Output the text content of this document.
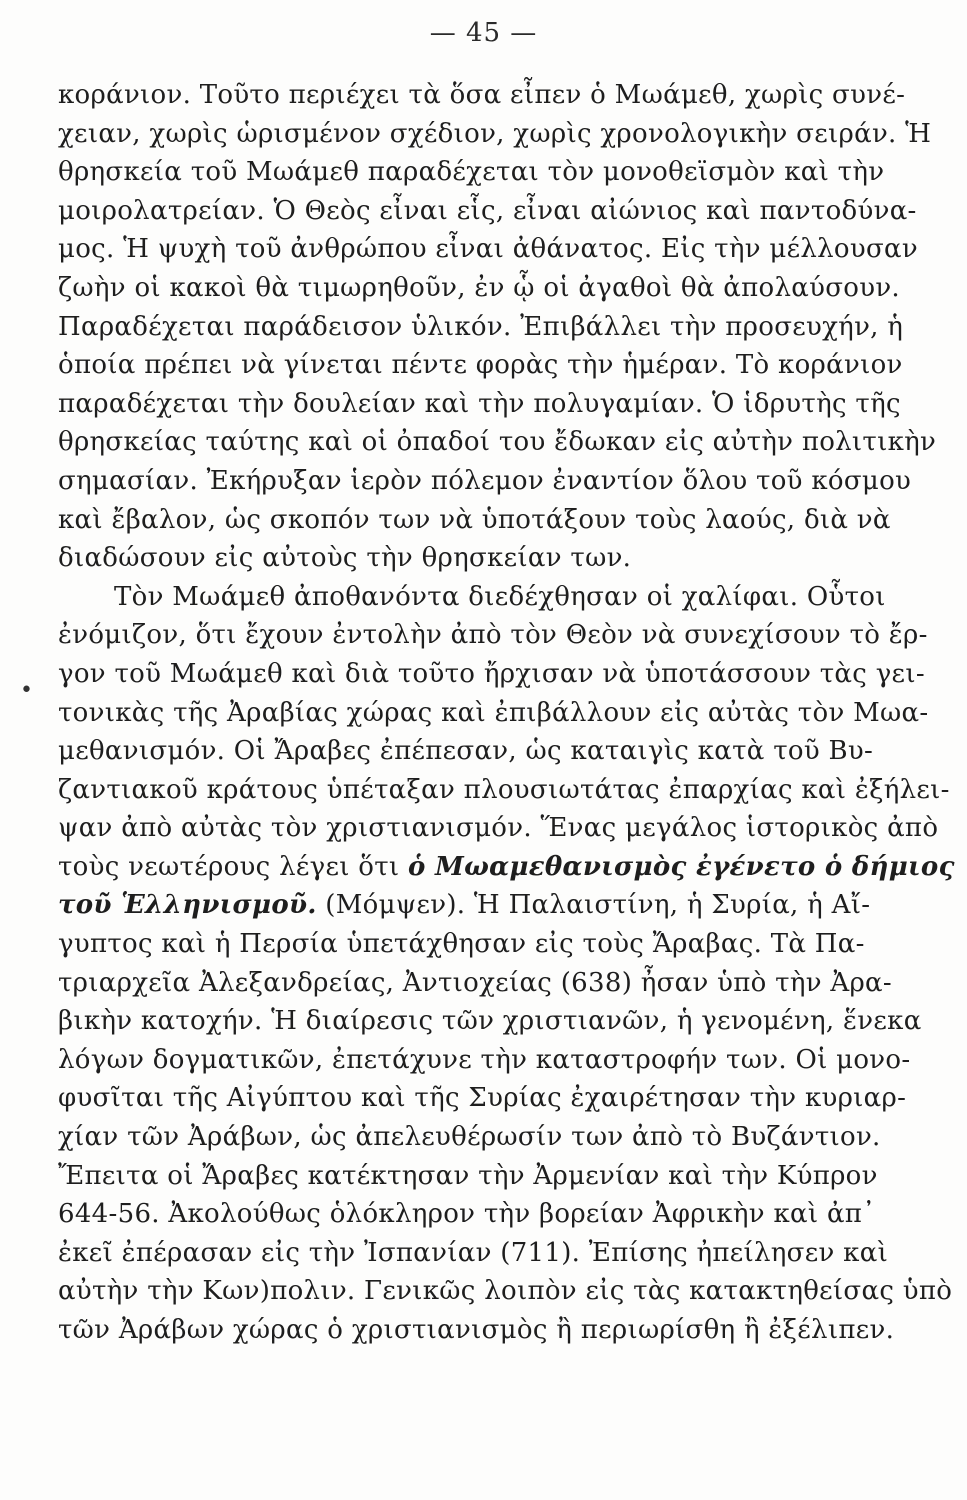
— 45 —
•
κοράνιον. Τοῦτο περιέχει τὰ ὅσα εἶπεν ὁ Μωάμεθ, χωρὶς συνέ-
χειαν, χωρὶς ὡρισμένον σχέδιον, χωρὶς χρονολογικὴν σειράν. Ἡ
θρησκεία τοῦ Μωάμεθ παραδέχεται τὸν μονοθεϊσμὸν καὶ τὴν
μοιρολατρείαν. Ὁ Θεὸς εἶναι εἷς, εἶναι αἰώνιος καὶ παντοδύνα-
μος. Ἡ ψυχὴ τοῦ ἀνθρώπου εἶναι ἀθάνατος. Εἰς τὴν μέλλουσαν
ζωὴν οἱ κακοὶ θὰ τιμωρηθοῦν, ἐν ᾧ οἱ ἀγαθοὶ θὰ ἀπολαύσουν.
Παραδέχεται παράδεισον ὑλικόν. Ἐπιβάλλει τὴν προσευχήν, ἡ
ὁποία πρέπει νὰ γίνεται πέντε φορὰς τὴν ἡμέραν. Τὸ κοράνιον
παραδέχεται τὴν δουλείαν καὶ τὴν πολυγαμίαν. Ὁ ἱδρυτὴς τῆς
θρησκείας ταύτης καὶ οἱ ὀπαδοί του ἔδωκαν εἰς αὐτὴν πολιτικὴν
σημασίαν. Ἐκήρυξαν ἱερὸν πόλεμον ἐναντίον ὅλου τοῦ κόσμου
καὶ ἔβαλον, ὡς σκοπόν των νὰ ὑποτάξουν τοὺς λαούς, διὰ νὰ
διαδώσουν εἰς αὐτοὺς τὴν θρησκείαν των.
Τὸν Μωάμεθ ἀποθανόντα διεδέχθησαν οἱ χαλίφαι. Οὗτοι
ἐνόμιζον, ὅτι ἔχουν ἐντολὴν ἀπὸ τὸν Θεὸν νὰ συνεχίσουν τὸ ἔρ-
γον τοῦ Μωάμεθ καὶ διὰ τοῦτο ἤρχισαν νὰ ὑποτάσσουν τὰς γει-
τονικὰς τῆς Ἀραβίας χώρας καὶ ἐπιβάλλουν εἰς αὐτὰς τὸν Μωα-
μεθανισμόν. Οἱ Ἄραβες ἐπέπεσαν, ὡς καταιγὶς κατὰ τοῦ Βυ-
ζαντιακοῦ κράτους ὑπέταξαν πλουσιωτάτας ἐπαρχίας καὶ ἐξήλει-
ψαν ἀπὸ αὐτὰς τὸν χριστιανισμόν. Ἕνας μεγάλος ἱστορικὸς ἀπὸ
τοὺς νεωτέρους λέγει ὅτι ὁ Μωαμεθανισμὸς ἐγένετο ὁ δήμιος
τοῦ Ἑλληνισμοῦ. (Μόμψεν). Ἡ Παλαιστίνη, ἡ Συρία, ἡ Αἴ-
γυπτος καὶ ἡ Περσία ὑπετάχθησαν εἰς τοὺς Ἄραβας. Τὰ Πα-
τριαρχεῖα Ἀλεξανδρείας, Ἀντιοχείας (638) ἦσαν ὑπὸ τὴν Ἀρα-
βικὴν κατοχήν. Ἡ διαίρεσις τῶν χριστιανῶν, ἡ γενομένη, ἕνεκα
λόγων δογματικῶν, ἐπετάχυνε τὴν καταστροφήν των. Οἱ μονο-
φυσῖται τῆς Αἰγύπτου καὶ τῆς Συρίας ἐχαιρέτησαν τὴν κυριαρ-
χίαν τῶν Ἀράβων, ὡς ἀπελευθέρωσίν των ἀπὸ τὸ Βυζάντιον.
Ἔπειτα οἱ Ἄραβες κατέκτησαν τὴν Ἀρμενίαν καὶ τὴν Κύπρον
644-56. Ἀκολούθως ὁλόκληρον τὴν βορείαν Ἀφρικὴν καὶ ἀπ᾿
ἐκεῖ ἐπέρασαν εἰς τὴν Ἰσπανίαν (711). Ἐπίσης ἠπείλησεν καὶ
αὐτὴν τὴν Κων)πολιν. Γενικῶς λοιπὸν εἰς τὰς κατακτηθείσας ὑπὸ
τῶν Ἀράβων χώρας ὁ χριστιανισμὸς ἢ περιωρίσθη ἢ ἐξέλιπεν.
